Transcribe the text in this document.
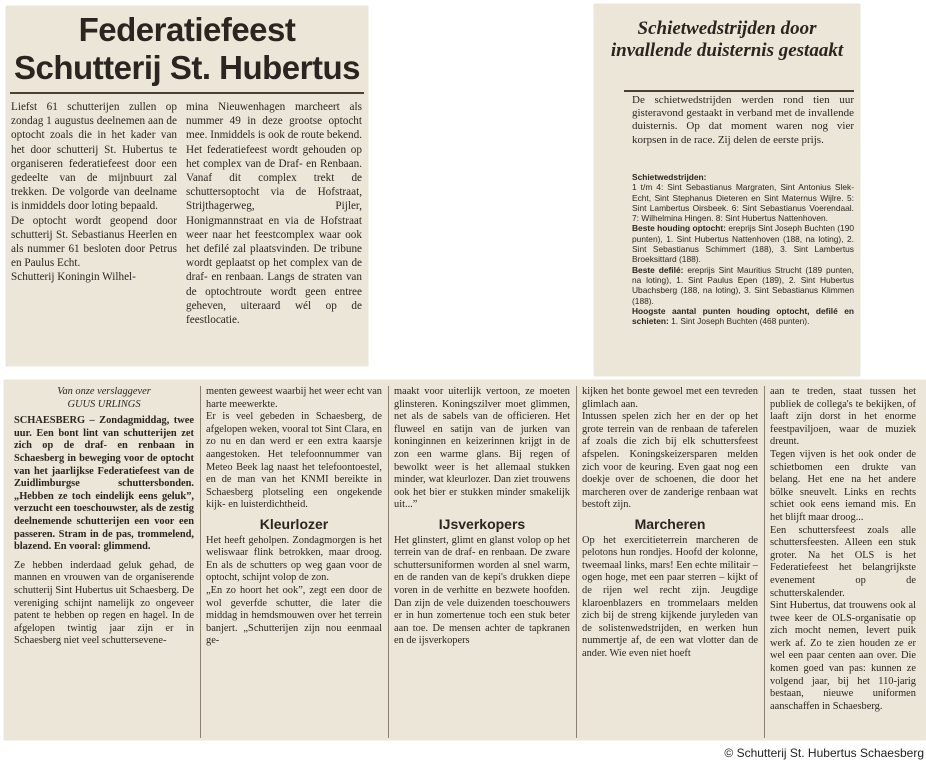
Federatiefeest
Schutterij St. Hubertus

Liefst 61 schutterijen zullen op zondag 1 augustus deelnemen aan de optocht zoals die in het kader van het door schutterij St. Hubertus te organiseren federatiefeest door een gedeelte van de mijnbuurt zal trekken. De volgorde van deelname is inmiddels door loting bepaald.

De optocht wordt geopend door schutterij St. Sebastianus Heerlen en als nummer 61 besloten door Petrus en Paulus Echt.

Schutterij Koningin Wilhel-

mina Nieuwenhagen marcheert als nummer 49 in deze grootse optocht mee. Inmiddels is ook de route bekend. Het federatiefeest wordt gehouden op het complex van de Draf- en Renbaan. Vanaf dit complex trekt de schuttersoptocht via de Hofstraat, Strijthagerweg, Pijler, Honigmannstraat en via de Hofstraat weer naar het feestcomplex waar ook het defilé zal plaatsvinden. De tribune wordt geplaatst op het complex van de draf- en renbaan. Langs de straten van de optochtroute wordt geen entree geheven, uiteraard wél op de feestlocatie.

Schietwedstrijden door invallende duisternis gestaakt

De schietwedstrijden werden rond tien uur gisteravond gestaakt in verband met de invallende duisternis. Op dat moment waren nog vier korpsen in de race. Zij delen de eerste prijs.

Schietwedstrijden:

1 t/m 4: Sint Sebastianus Margraten, Sint Antonius Slek-Echt, Sint Stephanus Dieteren en Sint Maternus Wijlre. 5: Sint Lambertus Oirsbeek. 6: Sint Sebastianus Voerendaal. 7: Wilhelmina Hingen. 8: Sint Hubertus Nattenhoven.

Beste houding optocht: ereprijs Sint Joseph Buchten (190 punten), 1. Sint Hubertus Nattenhoven (188, na loting), 2. Sint Sebastianus Schimmert (188), 3. Sint Lambertus Broeksittard (188).

Beste defilé: ereprijs Sint Mauritius Strucht (189 punten, na loting), 1. Sint Paulus Epen (189), 2. Sint Hubertus Ubachsberg (188, na loting), 3. Sint Sebastianus Klimmen (188).

Hoogste aantal punten houding optocht, defilé en schieten: 1. Sint Joseph Buchten (468 punten).

Van onze verslaggever
GUUS URLINGS

SCHAESBERG – Zondagmiddag, twee uur. Een bont lint van schutterijen zet zich op de draf- en renbaan in Schaesberg in beweging voor de optocht van het jaarlijkse Federatiefeest van de Zuidlimburgse schuttersbonden. „Hebben ze toch eindelijk eens geluk”, verzucht een toeschouwster, als de zestig deelnemende schutterijen een voor een passeren. Stram in de pas, trommelend, blazend. En vooral: glimmend.

Ze hebben inderdaad geluk gehad, de mannen en vrouwen van de organiserende schutterij Sint Hubertus uit Schaesberg. De vereniging schijnt namelijk zo ongeveer patent te hebben op regen en hagel. In de afgelopen twintig jaar zijn er in Schaesberg niet veel schuttersevene-

menten geweest waarbij het weer echt van harte meewerkte.

Er is veel gebeden in Schaesberg, de afgelopen weken, vooral tot Sint Clara, en zo nu en dan werd er een extra kaarsje aangestoken. Het telefoonnummer van Meteo Beek lag naast het telefoontoestel, en de man van het KNMI bereikte in Schaesberg plotseling een ongekende kijk- en luisterdichtheid.

Kleurlozer

Het heeft geholpen. Zondagmorgen is het weliswaar flink betrokken, maar droog. En als de schutters op weg gaan voor de optocht, schijnt volop de zon.

„En zo hoort het ook”, zegt een door de wol geverfde schutter, die later die middag in hemdsmouwen over het terrein banjert. „Schutterijen zijn nou eenmaal ge-

maakt voor uiterlijk vertoon, ze moeten glinsteren. Koningszilver moet glimmen, net als de sabels van de officieren. Het fluweel en satijn van de jurken van koninginnen en keizerinnen krijgt in de zon een warme glans. Bij regen of bewolkt weer is het allemaal stukken minder, wat kleurlozer. Dan ziet trouwens ook het bier er stukken minder smakelijk uit...”

IJsverkopers

Het glinstert, glimt en glanst volop op het terrein van de draf- en renbaan. De zware schuttersuniformen worden al snel warm, en de randen van de kepi's drukken diepe voren in de verhitte en bezwete hoofden. Dan zijn de vele duizenden toeschouwers er in hun zomertenue toch een stuk beter aan toe. De mensen achter de tapkranen en de ijsverkopers

kijken het bonte gewoel met een tevreden glimlach aan.

Intussen spelen zich her en der op het grote terrein van de renbaan de taferelen af zoals die zich bij elk schuttersfeest afspelen. Koningskeizersparen melden zich voor de keuring. Even gaat nog een doekje over de schoenen, die door het marcheren over de zanderige renbaan wat bestoft zijn.

Marcheren

Op het exercitieterrein marcheren de pelotons hun rondjes. Hoofd der kolonne, tweemaal links, mars! Een echte militair – ogen hoge, met een paar sterren – kijkt of de rijen wel recht zijn. Jeugdige klaroenblazers en trommelaars melden zich bij de streng kijkende juryleden van de solistenwedstrijden, en werken hun nummertje af, de een wat vlotter dan de ander. Wie even niet hoeft

aan te treden, staat tussen het publiek de collega's te bekijken, of laaft zijn dorst in het enorme feestpaviljoen, waar de muziek dreunt.

Tegen vijven is het ook onder de schietbomen een drukte van belang. Het ene na het andere bölke sneuvelt. Links en rechts schiet ook eens iemand mis. En het blijft maar droog...

Een schuttersfeest zoals alle schuttersfeesten. Alleen een stuk groter. Na het OLS is het Federatiefeest het belangrijkste evenement op de schutterskalender.

Sint Hubertus, dat trouwens ook al twee keer de OLS-organisatie op zich mocht nemen, levert puik werk af. Zo te zien houden ze er wel een paar centen aan over. Die komen goed van pas: kunnen ze volgend jaar, bij het 110-jarig bestaan, nieuwe uniformen aanschaffen in Schaesberg.

© Schutterij St. Hubertus Schaesberg
